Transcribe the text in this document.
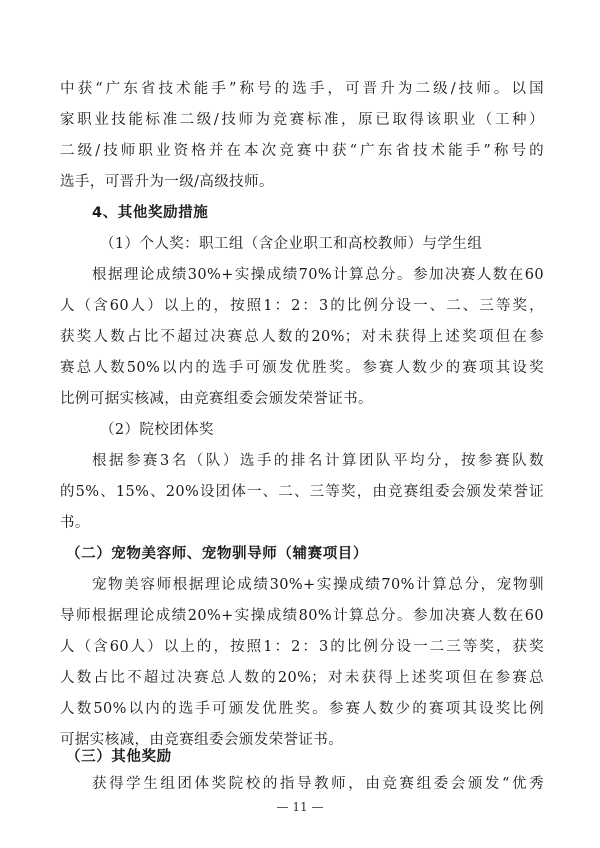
中获“广东省技术能手”称号的选手，可晋升为二级/技师。以国
家职业技能标准二级/技师为竞赛标准，原已取得该职业（工种）
二级/技师职业资格并在本次竞赛中获“广东省技术能手”称号的
选手，可晋升为一级/高级技师。
4、其他奖励措施
（1）个人奖：职工组（含企业职工和高校教师）与学生组
根据理论成绩30%+实操成绩70%计算总分。参加决赛人数在60
人（含60人）以上的，按照1：2：3的比例分设一、二、三等奖，
获奖人数占比不超过决赛总人数的20%；对未获得上述奖项但在参
赛总人数50%以内的选手可颁发优胜奖。参赛人数少的赛项其设奖
比例可据实核减，由竞赛组委会颁发荣誉证书。
（2）院校团体奖
根据参赛3名（队）选手的排名计算团队平均分，按参赛队数
的5%、15%、20%设团体一、二、三等奖，由竞赛组委会颁发荣誉证
书。
（二）宠物美容师、宠物驯导师（辅赛项目）
宠物美容师根据理论成绩30%+实操成绩70%计算总分，宠物驯
导师根据理论成绩20%+实操成绩80%计算总分。参加决赛人数在60
人（含60人）以上的，按照1：2：3的比例分设一二三等奖，获奖
人数占比不超过决赛总人数的20%；对未获得上述奖项但在参赛总
人数50%以内的选手可颁发优胜奖。参赛人数少的赛项其设奖比例
可据实核减，由竞赛组委会颁发荣誉证书。
（三）其他奖励
获得学生组团体奖院校的指导教师，由竞赛组委会颁发“优秀
— 11 —
